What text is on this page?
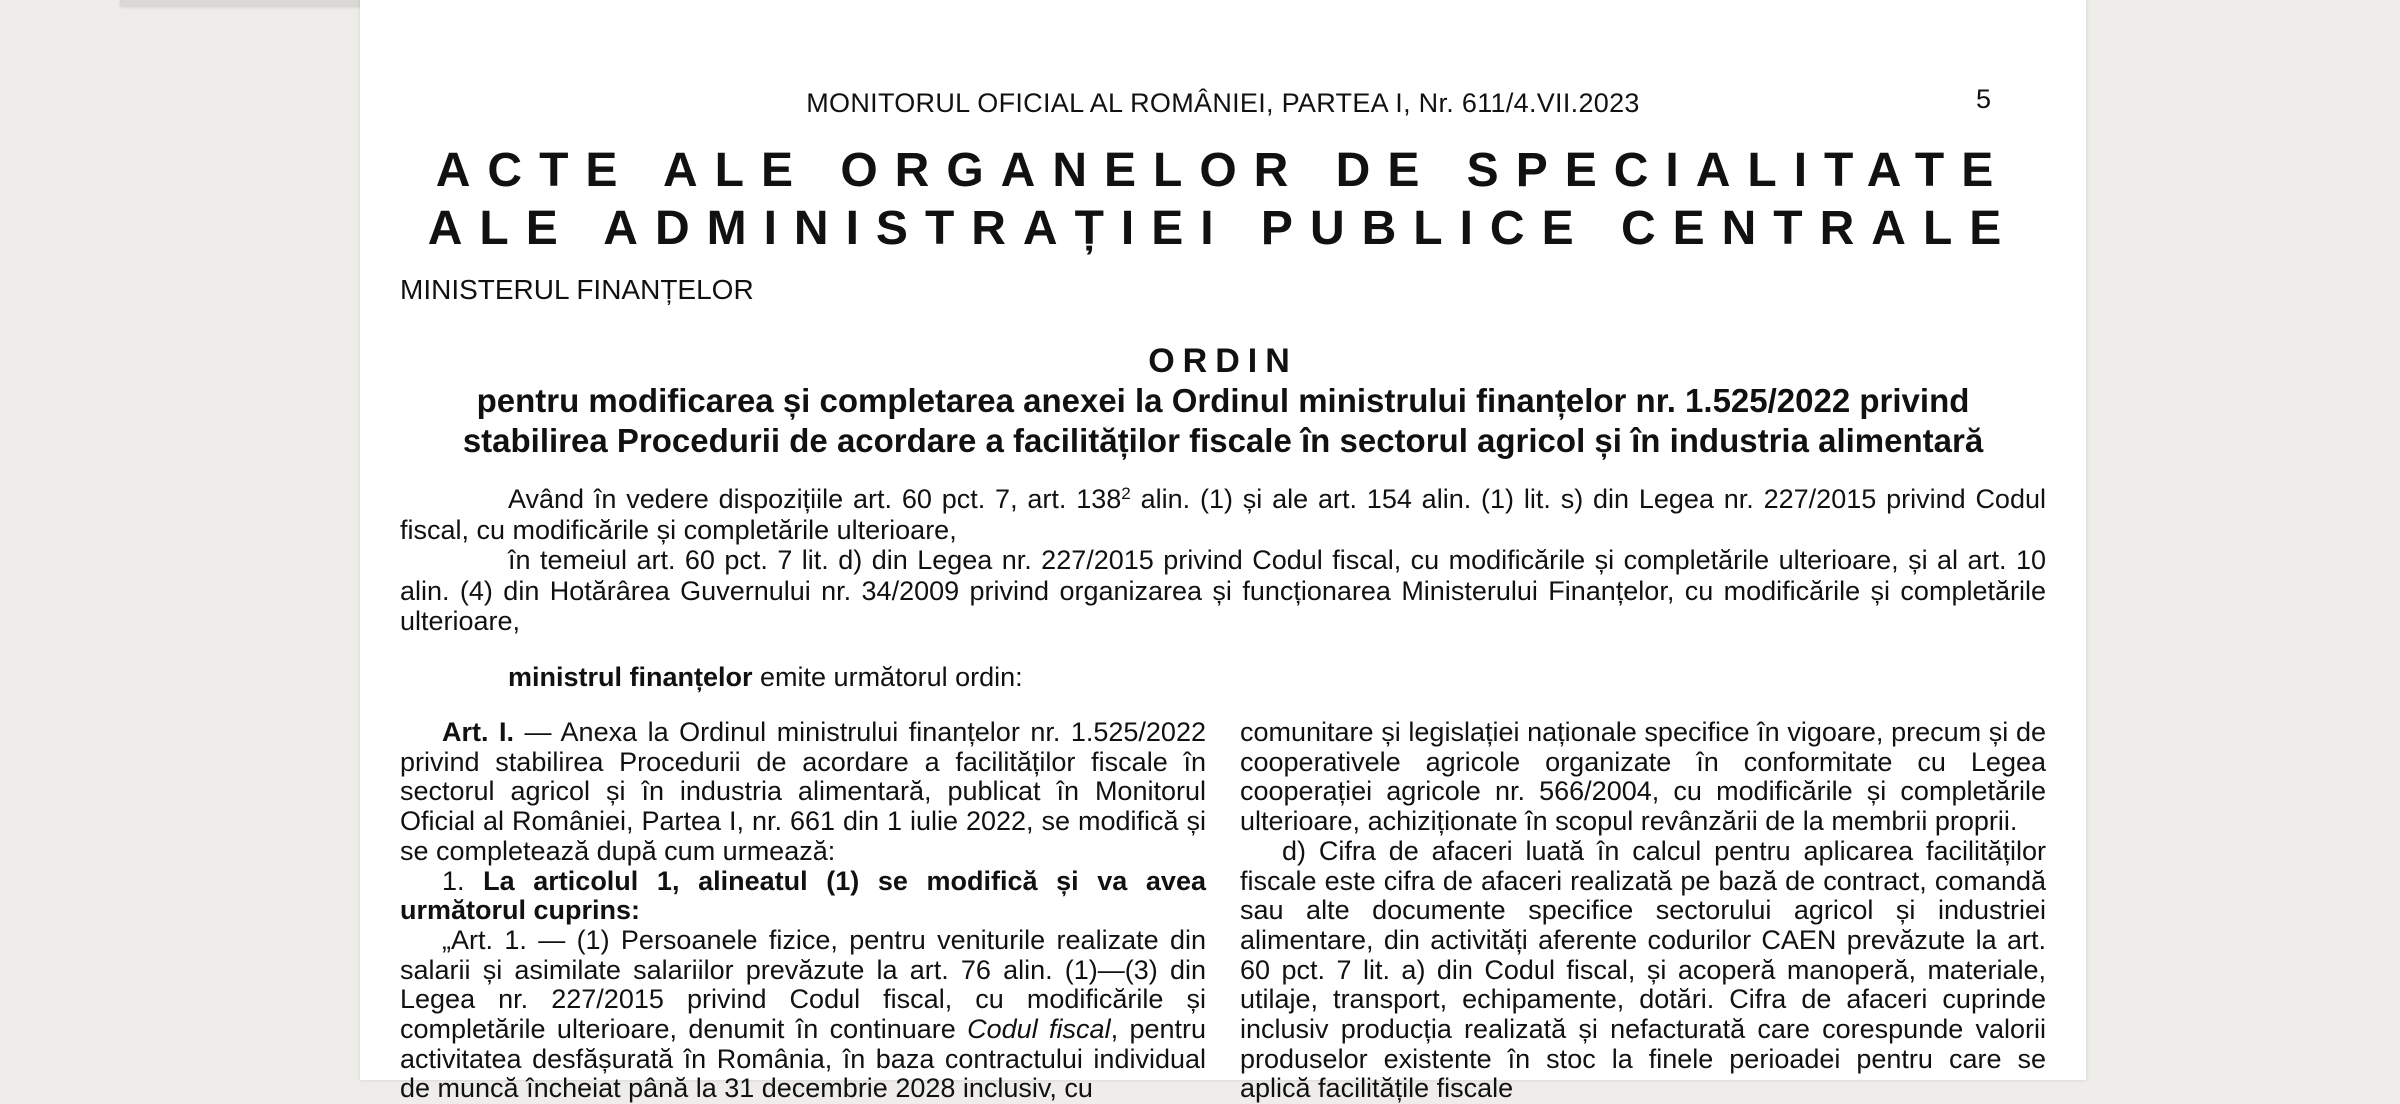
MONITORUL OFICIAL AL ROMÂNIEI, PARTEA I, Nr. 611/4.VII.2023	5
ACTE ALE ORGANELOR DE SPECIALITATE
ALE ADMINISTRAȚIEI PUBLICE CENTRALE
MINISTERUL FINANȚELOR
ORDIN
pentru modificarea și completarea anexei la Ordinul ministrului finanțelor nr. 1.525/2022 privind stabilirea Procedurii de acordare a facilităților fiscale în sectorul agricol și în industria alimentară

Având în vedere dispozițiile art. 60 pct. 7, art. $138^2$ alin. (1) și ale art. 154 alin. (1) lit. s) din Legea nr. 227/2015 privind Codul fiscal, cu modificările și completările ulterioare,

în temeiul art. 60 pct. 7 lit. d) din Legea nr. 227/2015 privind Codul fiscal, cu modificările și completările ulterioare, și al art. 10 alin. (4) din Hotărârea Guvernului nr. 34/2009 privind organizarea și funcționarea Ministerului Finanțelor, cu modificările și completările ulterioare,

ministrul finanțelor emite următorul ordin:

Art. I. — Anexa la Ordinul ministrului finanțelor nr. 1.525/2022 privind stabilirea Procedurii de acordare a facilităților fiscale în sectorul agricol și în industria alimentară, publicat în Monitorul Oficial al României, Partea I, nr. 661 din 1 iulie 2022, se modifică și se completează după cum urmează:

1. La articolul 1, alineatul (1) se modifică și va avea următorul cuprins:

„Art. 1. — (1) Persoanele fizice, pentru veniturile realizate din salarii și asimilate salariilor prevăzute la art. 76 alin. (1)—(3) din Legea nr. 227/2015 privind Codul fiscal, cu modificările și completările ulterioare, denumit în continuare Codul fiscal, pentru activitatea desfășurată în România, în baza contractului individual de muncă încheiat până la 31 decembrie 2028 inclusiv, cu

comunitare și legislației naționale specifice în vigoare, precum și de cooperativele agricole organizate în conformitate cu Legea cooperației agricole nr. 566/2004, cu modificările și completările ulterioare, achiziționate în scopul revânzării de la membrii proprii.

d) Cifra de afaceri luată în calcul pentru aplicarea facilităților fiscale este cifra de afaceri realizată pe bază de contract, comandă sau alte documente specifice sectorului agricol și industriei alimentare, din activități aferente codurilor CAEN prevăzute la art. 60 pct. 7 lit. a) din Codul fiscal, și acoperă manoperă, materiale, utilaje, transport, echipamente, dotări. Cifra de afaceri cuprinde inclusiv producția realizată și nefacturată care corespunde valorii produselor existente în stoc la finele perioadei pentru care se aplică facilitățile fiscale
